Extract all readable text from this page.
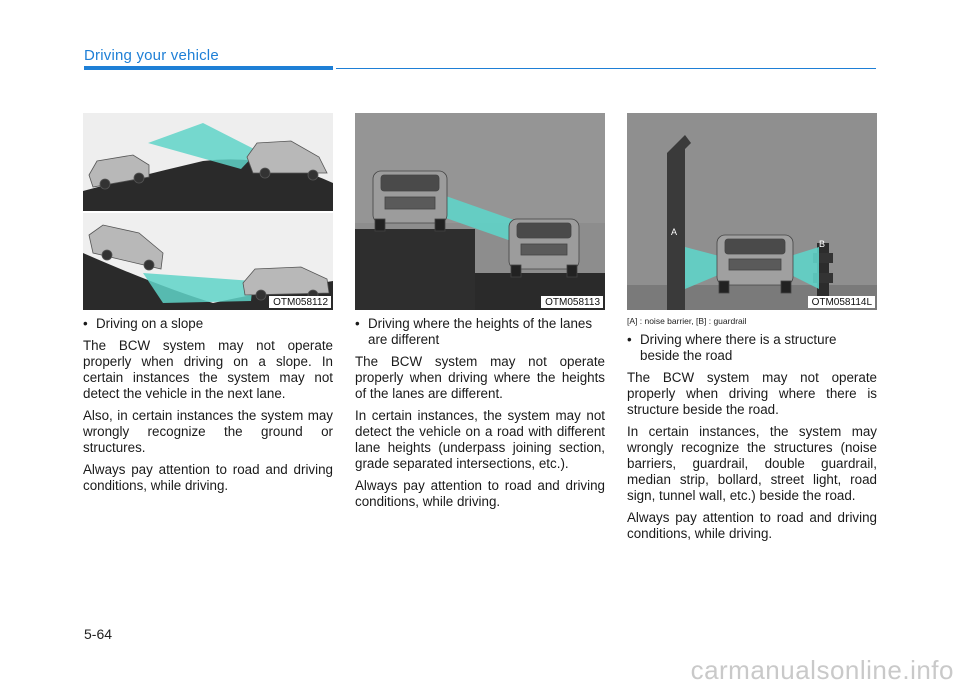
Driving your vehicle
OTM058112
• Driving on a slope

The BCW system may not operate properly when driving on a slope. In certain instances the system may not detect the vehicle in the next lane.

Also, in certain instances the system may wrongly recognize the ground or structures.

Always pay attention to road and driving conditions, while driving.

OTM058113
• Driving where the heights of the lanes are different

The BCW system may not operate properly when driving where the heights of the lanes are different.

In certain instances, the system may not detect the vehicle on a road with different lane heights (underpass joining section, grade separated intersections, etc.).

Always pay attention to road and driving conditions, while driving.

A
B
OTM058114L
[A] : noise barrier, [B] : guardrail
• Driving where there is a structure beside the road

The BCW system may not operate properly when driving where there is structure beside the road.

In certain instances, the system may wrongly recognize the structures (noise barriers, guardrail, double guardrail, median strip, bollard, street light, road sign, tunnel wall, etc.) beside the road.

Always pay attention to road and driving conditions, while driving.

5-64
carmanualsonline.info
